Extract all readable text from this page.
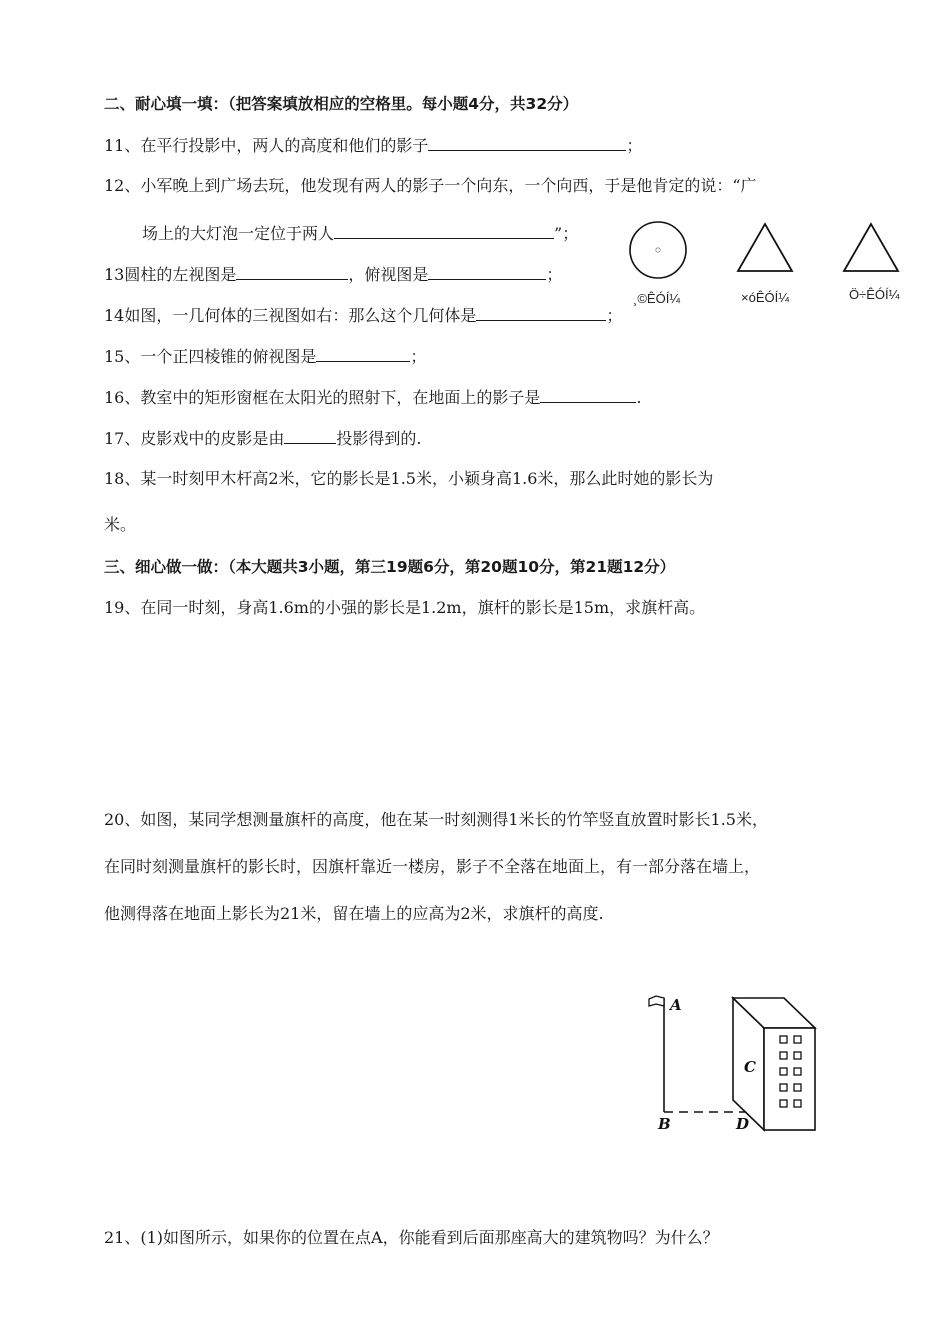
二、耐心填一填：（把答案填放相应的空格里。每小题4分，共32分）
11、在平行投影中，两人的高度和他们的影子	；
12、小军晚上到广场去玩，他发现有两人的影子一个向东，一个向西，于是他肯定的说：“广
场上的大灯泡一定位于两人	”；
13圆柱的左视图是	，俯视图是	；
¸©ÊÓÍ¼	×óÊÓÍ¼	Ö÷ÊÓÍ¼
14如图，一几何体的三视图如右：那么这个几何体是	；
15、一个正四棱锥的俯视图是	；
16、教室中的矩形窗框在太阳光的照射下，在地面上的影子是	.
17、皮影戏中的皮影是由	投影得到的.
18、某一时刻甲木杆高2米，它的影长是1.5米，小颖身高1.6米，那么此时她的影长为
米。
三、细心做一做：（本大题共3小题，第三19题6分，第20题10分，第21题12分）
19、在同一时刻，身高1.6m的小强的影长是1.2m，旗杆的影长是15m，求旗杆高。
20、如图，某同学想测量旗杆的高度，他在某一时刻测得1米长的竹竿竖直放置时影长1.5米，
在同时刻测量旗杆的影长时，因旗杆靠近一楼房，影子不全落在地面上，有一部分落在墙上，
他测得落在地面上影长为21米，留在墙上的应高为2米，求旗杆的高度.
A
B
C
D
21、(1)如图所示，如果你的位置在点A，你能看到后面那座高大的建筑物吗？为什么？
